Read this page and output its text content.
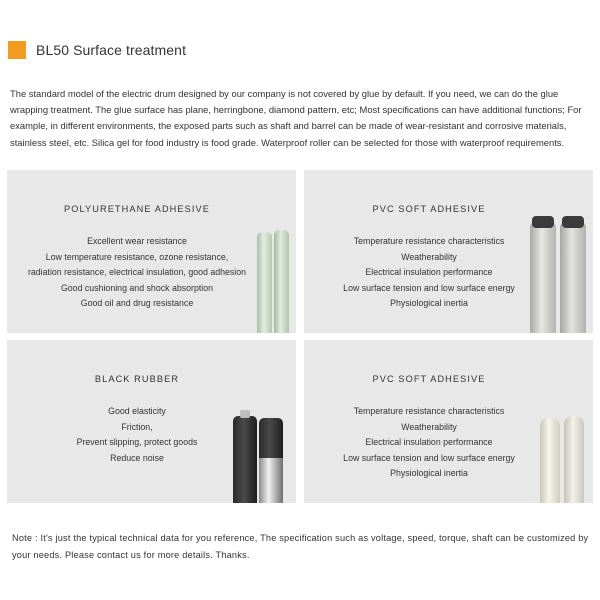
BL50 Surface treatment

The standard model of the electric drum designed by our company is not covered by glue by default. If you need, we can do the glue wrapping treatment. The glue surface has plane, herringbone, diamond pattern, etc; Most specifications can have additional functions; For example, in different environments, the exposed parts such as shaft and barrel can be made of wear-resistant and corrosive materials, stainless steel, etc. Silica gel for food industry is food grade. Waterproof roller can be selected for those with waterproof requirements.

POLYURETHANE ADHESIVE
Excellent wear resistance
Low temperature resistance, ozone resistance,
radiation resistance, electrical insulation, good adhesion
Good cushioning and shock absorption
Good oil and drug resistance
PVC SOFT ADHESIVE
Temperature resistance characteristics
Weatherability
Electrical insulation performance
Low surface tension and low surface energy
Physiological inertia
BLACK RUBBER
Good elasticity
Friction,
Prevent slipping, protect goods
Reduce noise
PVC SOFT ADHESIVE
Temperature resistance characteristics
Weatherability
Electrical insulation performance
Low surface tension and low surface energy
Physiological inertia

Note : It's just the typical technical data for you reference, The specification such as voltage, speed, torque, shaft can be customized by your needs. Please contact us for more details. Thanks.
